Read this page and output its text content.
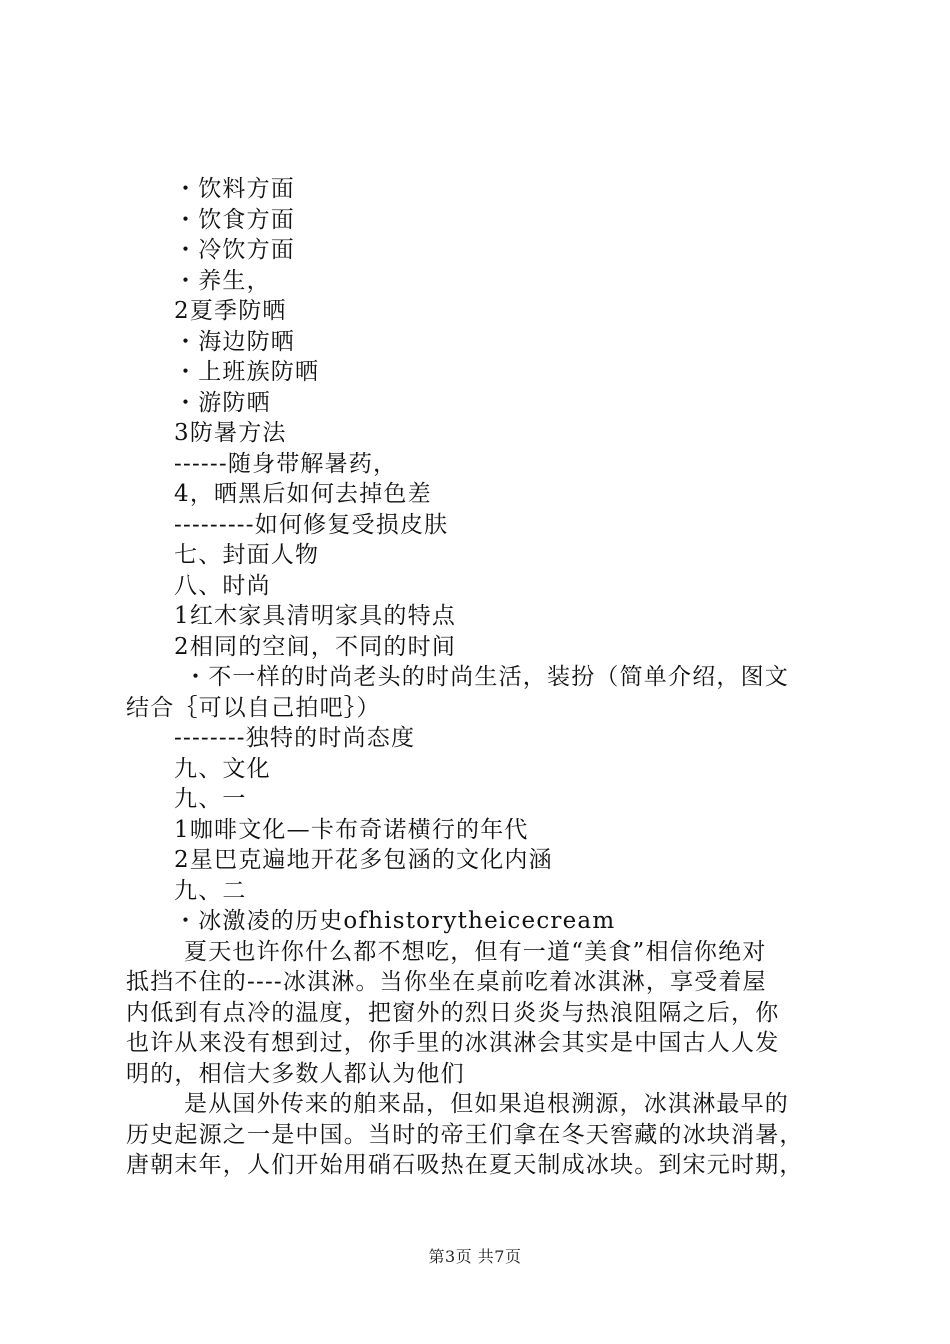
・饮料方面
・饮食方面
・冷饮方面
・养生，
2夏季防晒
・海边防晒
・上班族防晒
・游防晒
3防暑方法
------随身带解暑药，
4，晒黑后如何去掉色差
---------如何修复受损皮肤
七、封面人物
八、时尚
1红木家具清明家具的特点
2相同的空间，不同的时间
・不一样的时尚老头的时尚生活，装扮（简单介绍，图文
结合｛可以自己拍吧｝）
--------独特的时尚态度
九、文化
九、一
1咖啡文化—卡布奇诺横行的年代
2星巴克遍地开花多包涵的文化内涵
九、二
・冰激凌的历史ofhistorytheicecream
夏天也许你什么都不想吃，但有一道“美食”相信你绝对
抵挡不住的----冰淇淋。当你坐在桌前吃着冰淇淋，享受着屋
内低到有点冷的温度，把窗外的烈日炎炎与热浪阻隔之后，你
也许从来没有想到过，你手里的冰淇淋会其实是中国古人人发
明的，相信大多数人都认为他们
是从国外传来的舶来品，但如果追根溯源，冰淇淋最早的
历史起源之一是中国。当时的帝王们拿在冬天窖藏的冰块消暑，
唐朝末年，人们开始用硝石吸热在夏天制成冰块。到宋元时期，
第3页 共7页
